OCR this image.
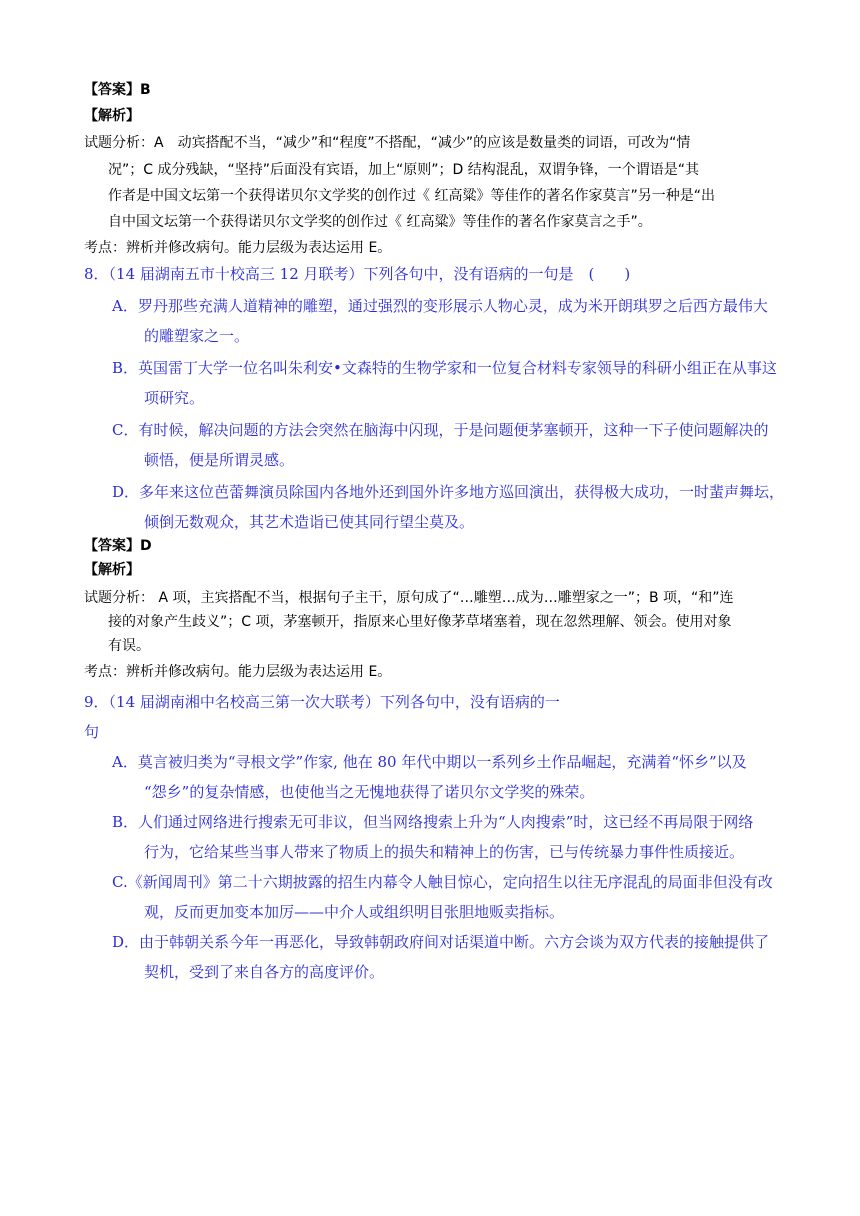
【答案】B
【解析】
试题分析：A　动宾搭配不当，“减少”和“程度”不搭配，“减少”的应该是数量类的词语，可改为“情
况”；C 成分残缺，“坚持”后面没有宾语，加上“原则”；D 结构混乱，双谓争锋，一个谓语是“其
作者是中国文坛第一个获得诺贝尔文学奖的创作过《 红高粱》等佳作的著名作家莫言”另一种是“出
自中国文坛第一个获得诺贝尔文学奖的创作过《 红高粱》等佳作的著名作家莫言之手”。
考点：辨析并修改病句。能力层级为表达运用 E。
8．（14 届湖南五市十校高三 12 月联考）下列各句中，没有语病的一句是　(　　)
A．罗丹那些充满人道精神的雕塑，通过强烈的变形展示人物心灵，成为米开朗琪罗之后西方最伟大
的雕塑家之一。
B．英国雷丁大学一位名叫朱利安•文森特的生物学家和一位复合材料专家领导的科研小组正在从事这
项研究。
C．有时候，解决问题的方法会突然在脑海中闪现，于是问题便茅塞顿开，这种一下子使问题解决的
顿悟，便是所谓灵感。
D．多年来这位芭蕾舞演员除国内各地外还到国外许多地方巡回演出，获得极大成功，一时蜚声舞坛，
倾倒无数观众，其艺术造诣已使其同行望尘莫及。
【答案】D
【解析】
试题分析： A 项，主宾搭配不当，根据句子主干，原句成了“…雕塑…成为…雕塑家之一”；B 项，“和”连
接的对象产生歧义”；C 项，茅塞顿开，指原来心里好像茅草堵塞着，现在忽然理解、领会。使用对象
有误。
考点：辨析并修改病句。能力层级为表达运用 E。
9．（14 届湖南湘中名校高三第一次大联考）下列各句中，没有语病的一
句
A．莫言被归类为“寻根文学”作家, 他在 80 年代中期以一系列乡土作品崛起，充满着“怀乡”以及
“怨乡”的复杂情感，也使他当之无愧地获得了诺贝尔文学奖的殊荣。
B．人们通过网络进行搜索无可非议，但当网络搜索上升为“人肉搜索”时，这已经不再局限于网络
行为，它给某些当事人带来了物质上的损失和精神上的伤害，已与传统暴力事件性质接近。
C.《新闻周刊》第二十六期披露的招生内幕令人触目惊心，定向招生以往无序混乱的局面非但没有改
观，反而更加变本加厉——中介人或组织明目张胆地贩卖指标。
D．由于韩朝关系今年一再恶化，导致韩朝政府间对话渠道中断。六方会谈为双方代表的接触提供了
契机，受到了来自各方的高度评价。
